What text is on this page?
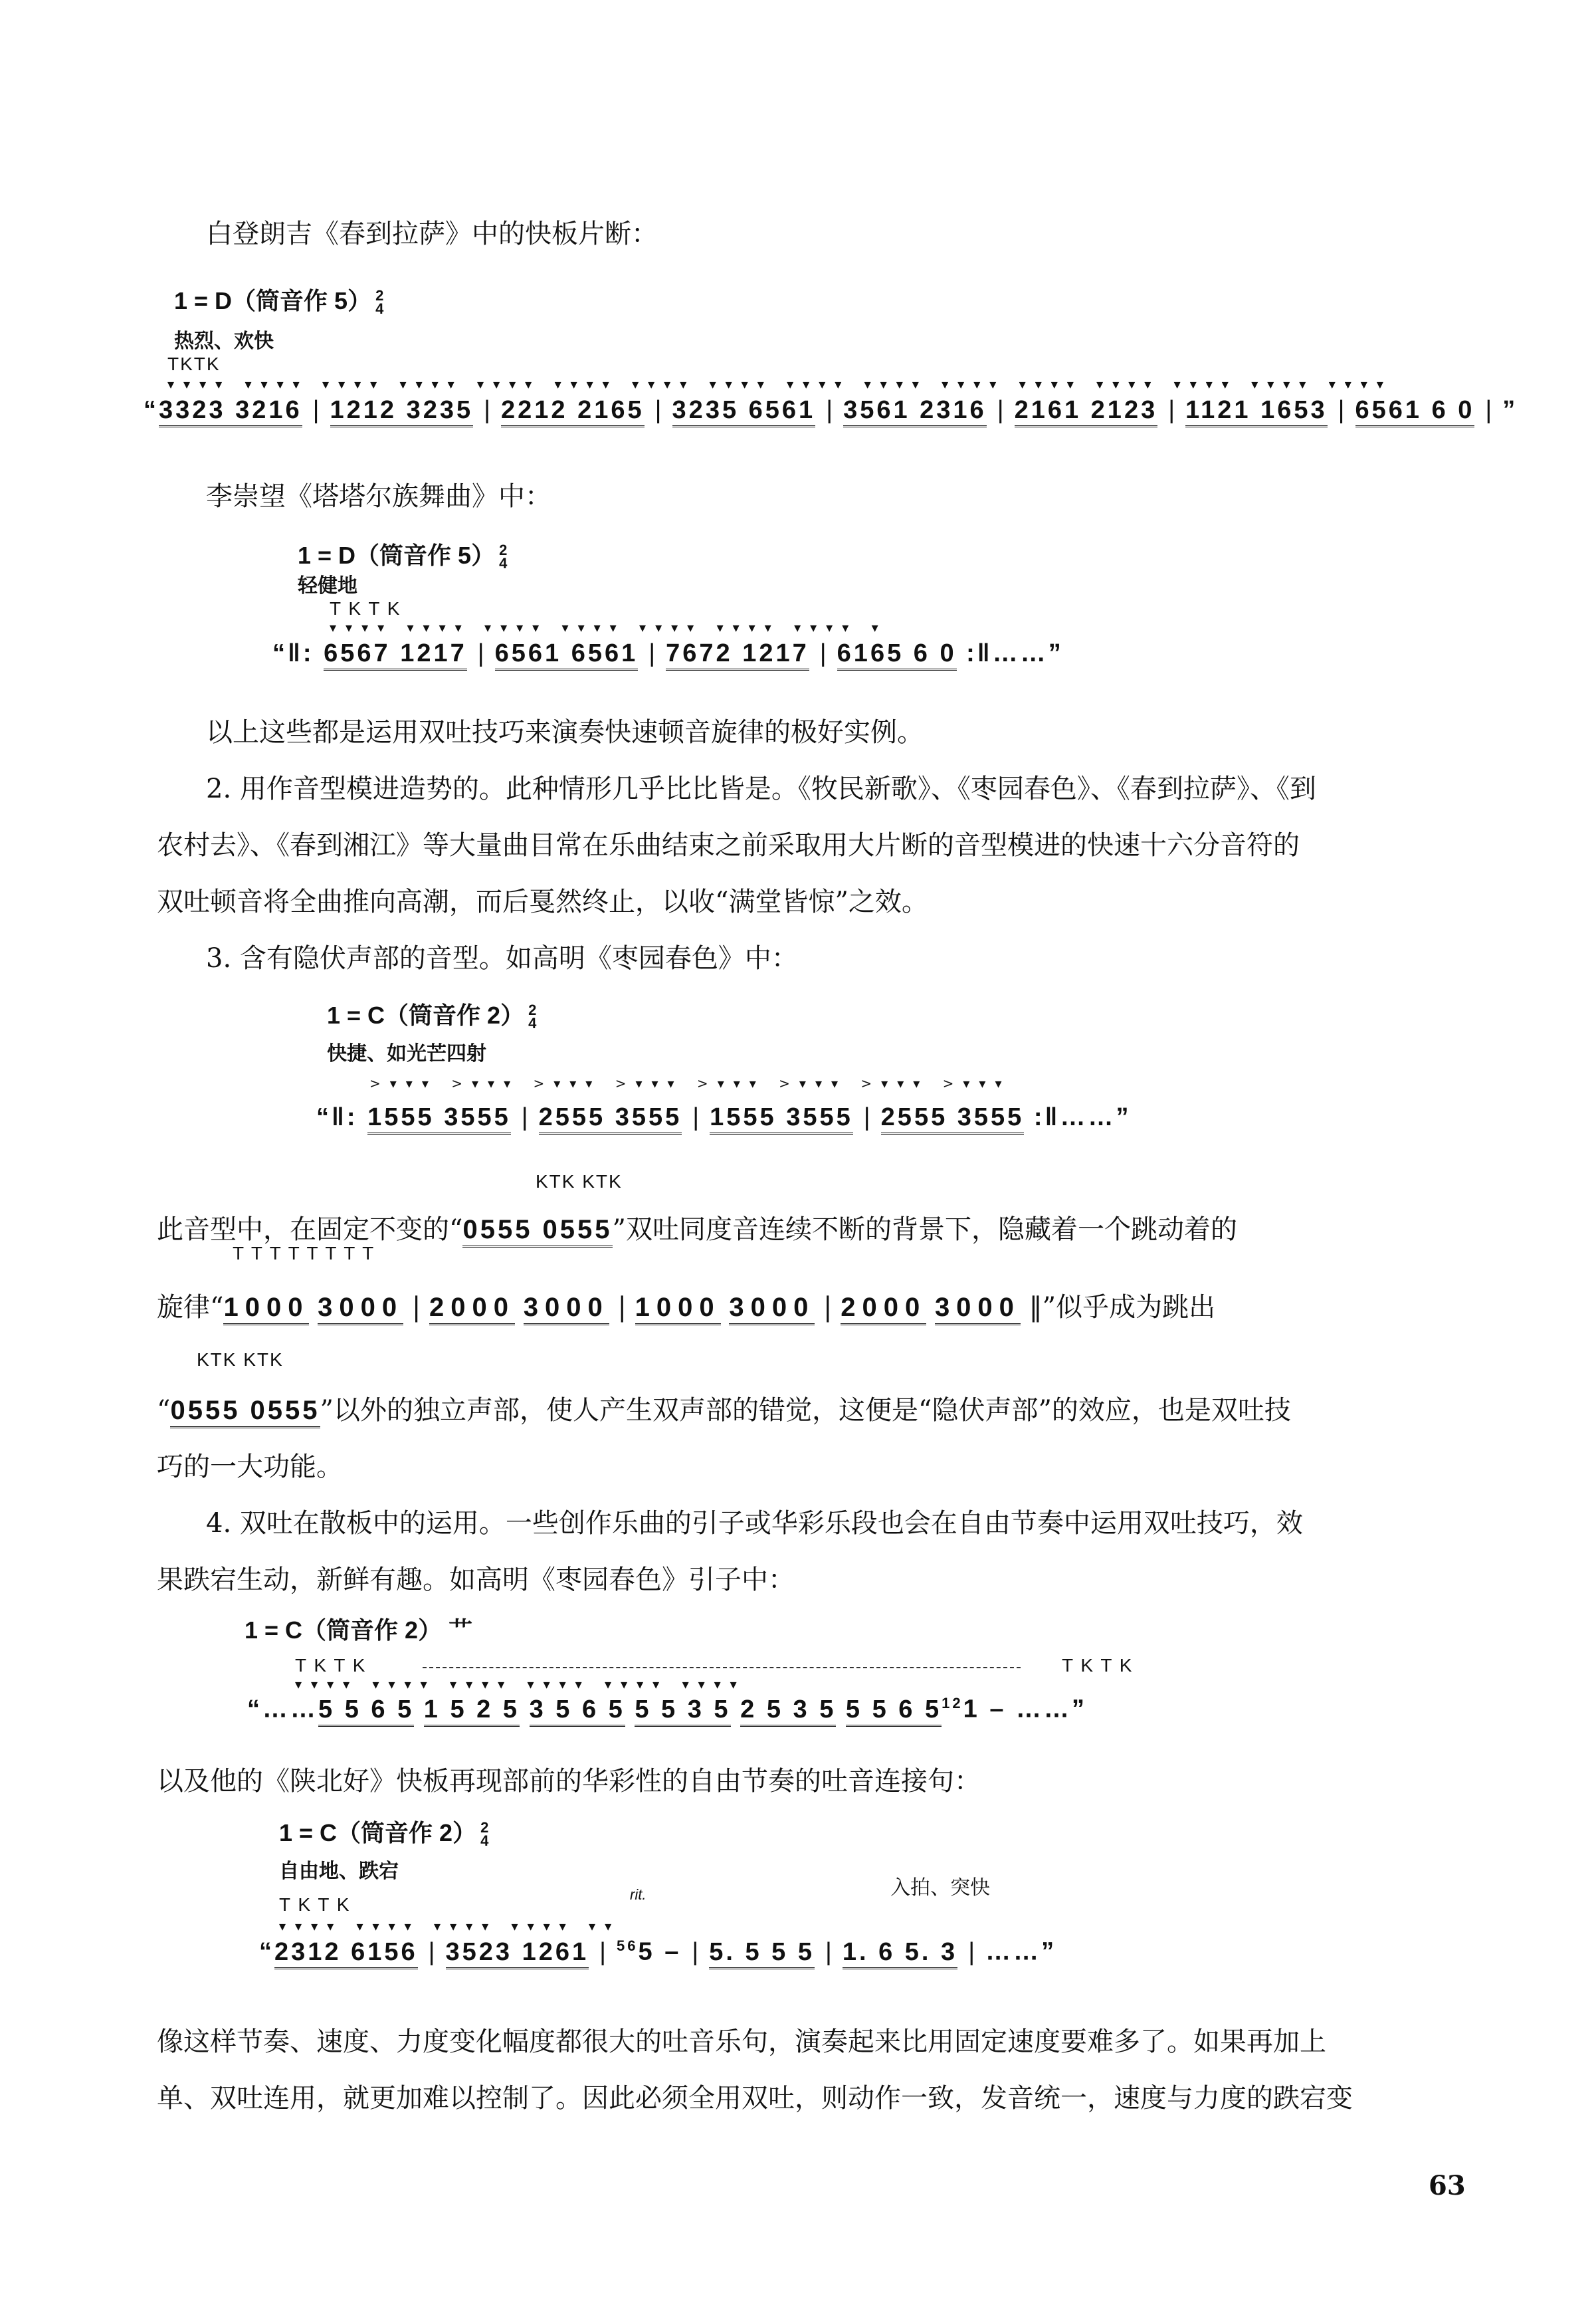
白登朗吉《春到拉萨》中的快板片断：
1 = D（筒音作 5） 2
4
热烈、欢快
TKTK
▾▾▾▾ ▾▾▾▾ ▾▾▾▾ ▾▾▾▾ ▾▾▾▾ ▾▾▾▾ ▾▾▾▾ ▾▾▾▾ ▾▾▾▾ ▾▾▾▾ ▾▾▾▾ ▾▾▾▾ ▾▾▾▾ ▾▾▾▾ ▾▾▾▾ ▾▾▾▾
“3323 3216 | 1212 3235 | 2212 2165 | 3235 6561 | 3561 2316 | 2161 2123 | 1121 1653 | 6561 6 0 | ”
李崇望《塔塔尔族舞曲》中：
1 = D（筒音作 5） 2
4
轻健地
T K T K
▾▾▾▾ ▾▾▾▾ ▾▾▾▾ ▾▾▾▾ ▾▾▾▾ ▾▾▾▾ ▾▾▾▾ ▾
“‖: 6567 1217 | 6561 6561 | 7672 1217 | 6165 6 0 :‖……”
以上这些都是运用双吐技巧来演奏快速顿音旋律的极好实例。
2. 用作音型模进造势的。此种情形几乎比比皆是。《牧民新歌》、《枣园春色》、《春到拉萨》、《到
农村去》、《春到湘江》等大量曲目常在乐曲结束之前采取用大片断的音型模进的快速十六分音符的
双吐顿音将全曲推向高潮，而后戛然终止，以收“满堂皆惊”之效。
3. 含有隐伏声部的音型。如高明《枣园春色》中：
1 = C（筒音作 2） 2
4
快捷、如光芒四射
>▾▾▾ >▾▾▾ >▾▾▾ >▾▾▾ >▾▾▾ >▾▾▾ >▾▾▾ >▾▾▾
“‖: 1555 3555 | 2555 3555 | 1555 3555 | 2555 3555 :‖……”
KTK KTK
此音型中，在固定不变的“0555 0555”双吐同度音连续不断的背景下，隐藏着一个跳动着的
T T T T T T T T
旋律“1000 3000 | 2000 3000 | 1000 3000 | 2000 3000 ‖”似乎成为跳出
KTK KTK
“0555 0555”以外的独立声部，使人产生双声部的错觉，这便是“隐伏声部”的效应，也是双吐技
巧的一大功能。
4. 双吐在散板中的运用。一些创作乐曲的引子或华彩乐段也会在自由节奏中运用双吐技巧，效
果跌宕生动，新鲜有趣。如高明《枣园春色》引子中：
1 = C（筒音作 2） 艹
T K T K	T K T K
▾▾▾▾ ▾▾▾▾ ▾▾▾▾ ▾▾▾▾ ▾▾▾▾ ▾▾▾▾
“……5 5 6 5 1 5 2 5 3 5 6 5 5 5 3 5 2 5 3 5 5 5 6 $5^{12}1$ – ……”
以及他的《陕北好》快板再现部前的华彩性的自由节奏的吐音连接句：
1 = C（筒音作 2） 2
4
自由地、跌宕
入拍、突快
T K T K	rit.
▾▾▾▾ ▾▾▾▾ ▾▾▾▾ ▾▾▾▾ ▾▾
“2312 6156 | 3523 1261 | $^{56}$5 – | 5. 5 5 5 | 1. 6 5. 3 | ……”
像这样节奏、速度、力度变化幅度都很大的吐音乐句，演奏起来比用固定速度要难多了。如果再加上
单、双吐连用，就更加难以控制了。因此必须全用双吐，则动作一致，发音统一，速度与力度的跌宕变
63
